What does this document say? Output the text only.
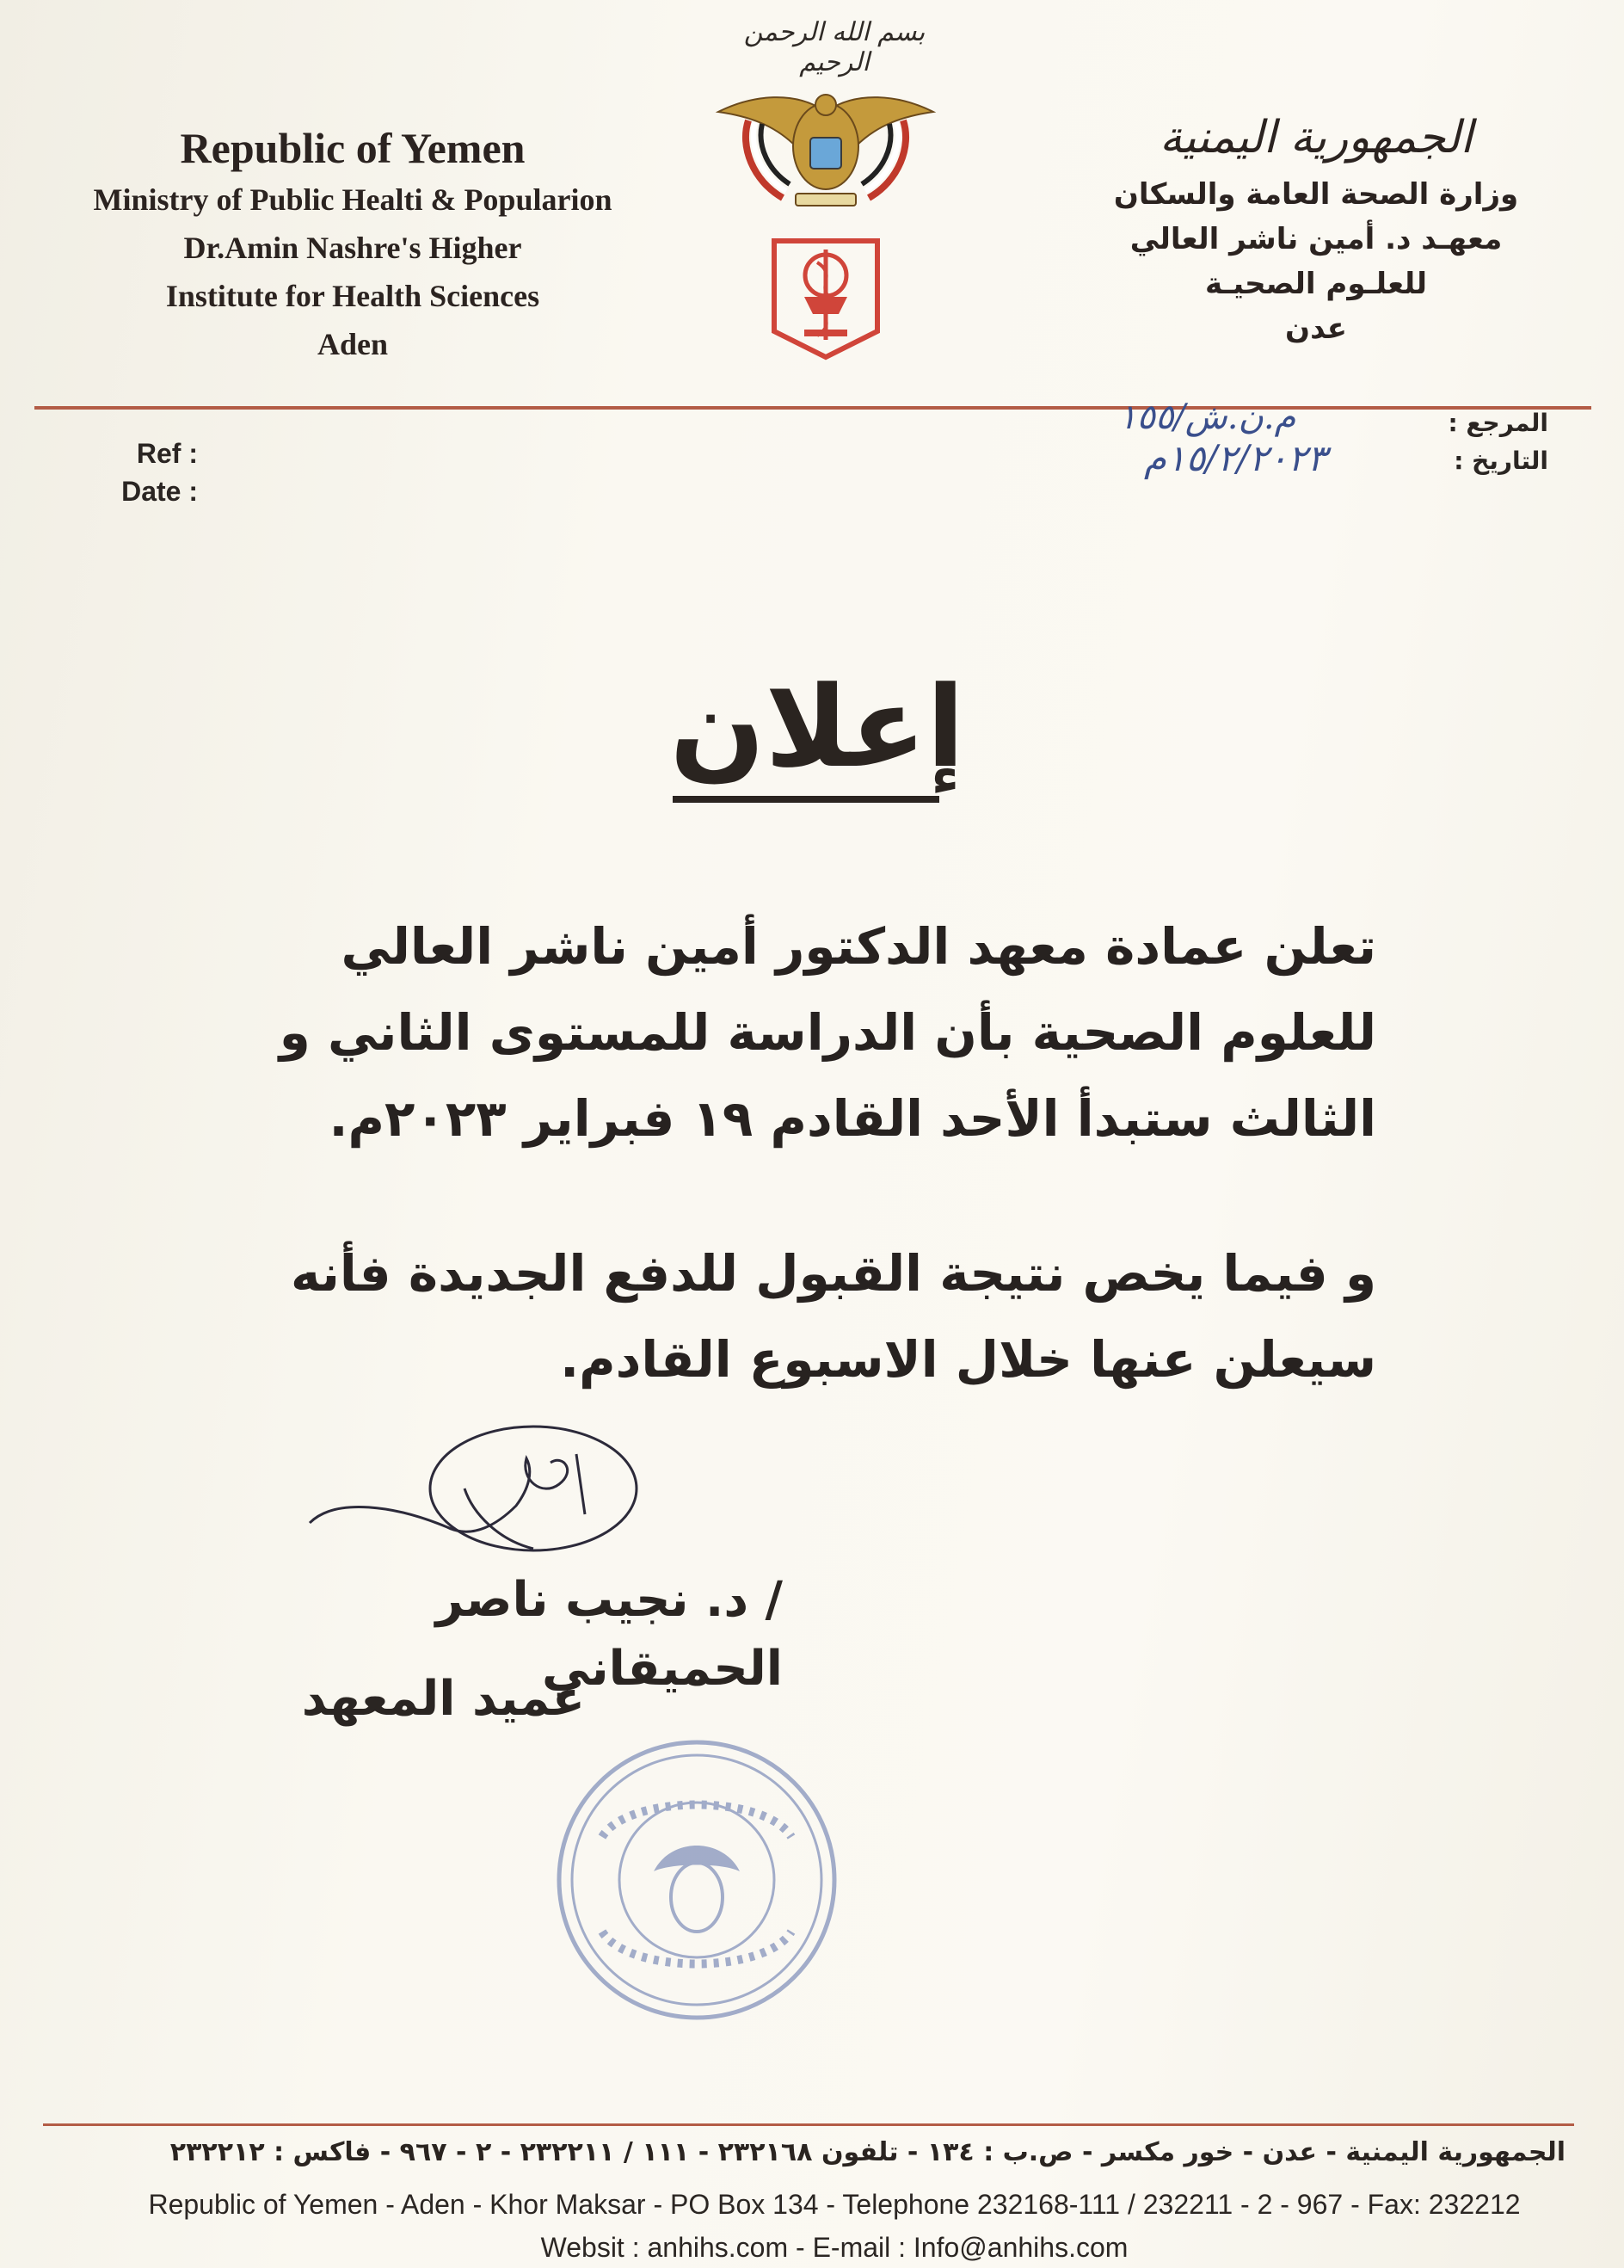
بسم الله الرحمن الرحيم
Republic of Yemen
Ministry of Public Healti & Popularion
Dr.Amin Nashre's Higher
Institute for Health Sciences
Aden
الجمهورية اليمنية
وزارة الصحة العامة والسكان
معهـد د. أمين ناشر العالي
للعلـوم الصحيـة
عدن
Ref :
Date :
المرجع :
التاريخ :
م.ن.ش/١٥٥
١٥/٢/٢٠٢٣م
إعلان
تعلن عمادة معهد الدكتور أمين ناشر العالي للعلوم الصحية بأن الدراسة للمستوى الثاني و الثالث ستبدأ الأحد القادم ١٩ فبراير ٢٠٢٣م.
و فيما يخص نتيجة القبول للدفع الجديدة فأنه سيعلن عنها خلال الاسبوع القادم.
/ د. نجيب ناصر الحميقاني
عميد المعهد
الجمهورية اليمنية - عدن - خور مكسر - ص.ب : ١٣٤ - تلفون ٢٣٢١٦٨ - ١١١ / ٢٣٢٢١١ - ٢ - ٩٦٧ - فاكس : ٢٣٢٢١٢
Republic of Yemen - Aden - Khor Maksar - PO Box 134 - Telephone 232168-111 / 232211 - 2 - 967 - Fax: 232212
Websit : anhihs.com - E-mail : Info@anhihs.com
